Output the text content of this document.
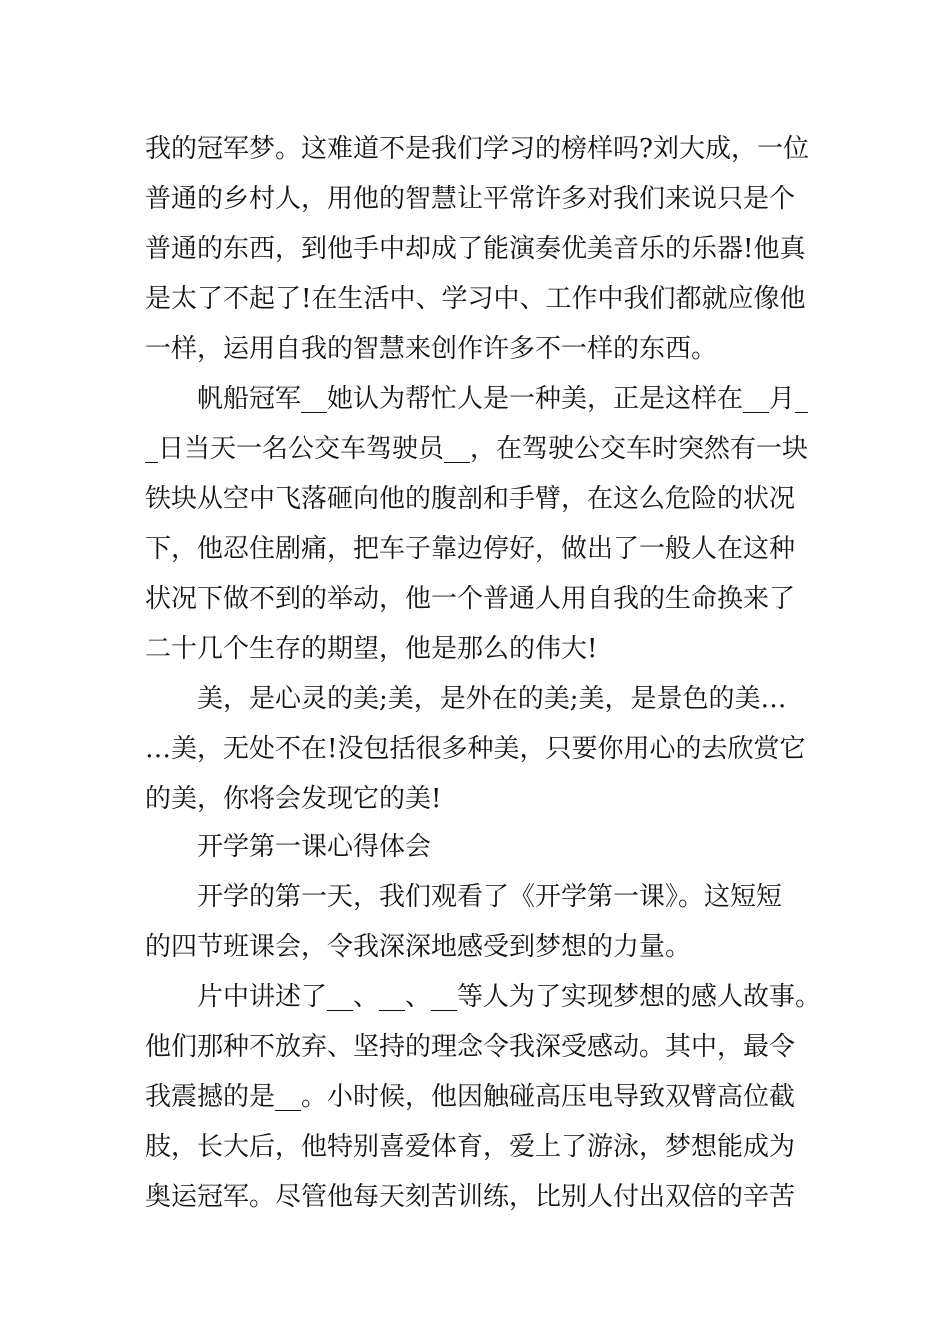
我的冠军梦。这难道不是我们学习的榜样吗?刘大成，一位
普通的乡村人，用他的智慧让平常许多对我们来说只是个
普通的东西，到他手中却成了能演奏优美音乐的乐器!他真
是太了不起了!在生活中、学习中、工作中我们都就应像他
一样，运用自我的智慧来创作许多不一样的东西。
帆船冠军__她认为帮忙人是一种美，正是这样在__月_
_日当天一名公交车驾驶员__，在驾驶公交车时突然有一块
铁块从空中飞落砸向他的腹剖和手臂，在这么危险的状况
下，他忍住剧痛，把车子靠边停好，做出了一般人在这种
状况下做不到的举动，他一个普通人用自我的生命换来了
二十几个生存的期望，他是那么的伟大!
美，是心灵的美;美，是外在的美;美，是景色的美…
…美，无处不在!没包括很多种美，只要你用心的去欣赏它
的美，你将会发现它的美!
开学第一课心得体会
开学的第一天，我们观看了《开学第一课》。这短短
的四节班课会，令我深深地感受到梦想的力量。
片中讲述了__、__、__等人为了实现梦想的感人故事。
他们那种不放弃、坚持的理念令我深受感动。其中，最令
我震撼的是__。小时候，他因触碰高压电导致双臂高位截
肢，长大后，他特别喜爱体育，爱上了游泳，梦想能成为
奥运冠军。尽管他每天刻苦训练，比别人付出双倍的辛苦
